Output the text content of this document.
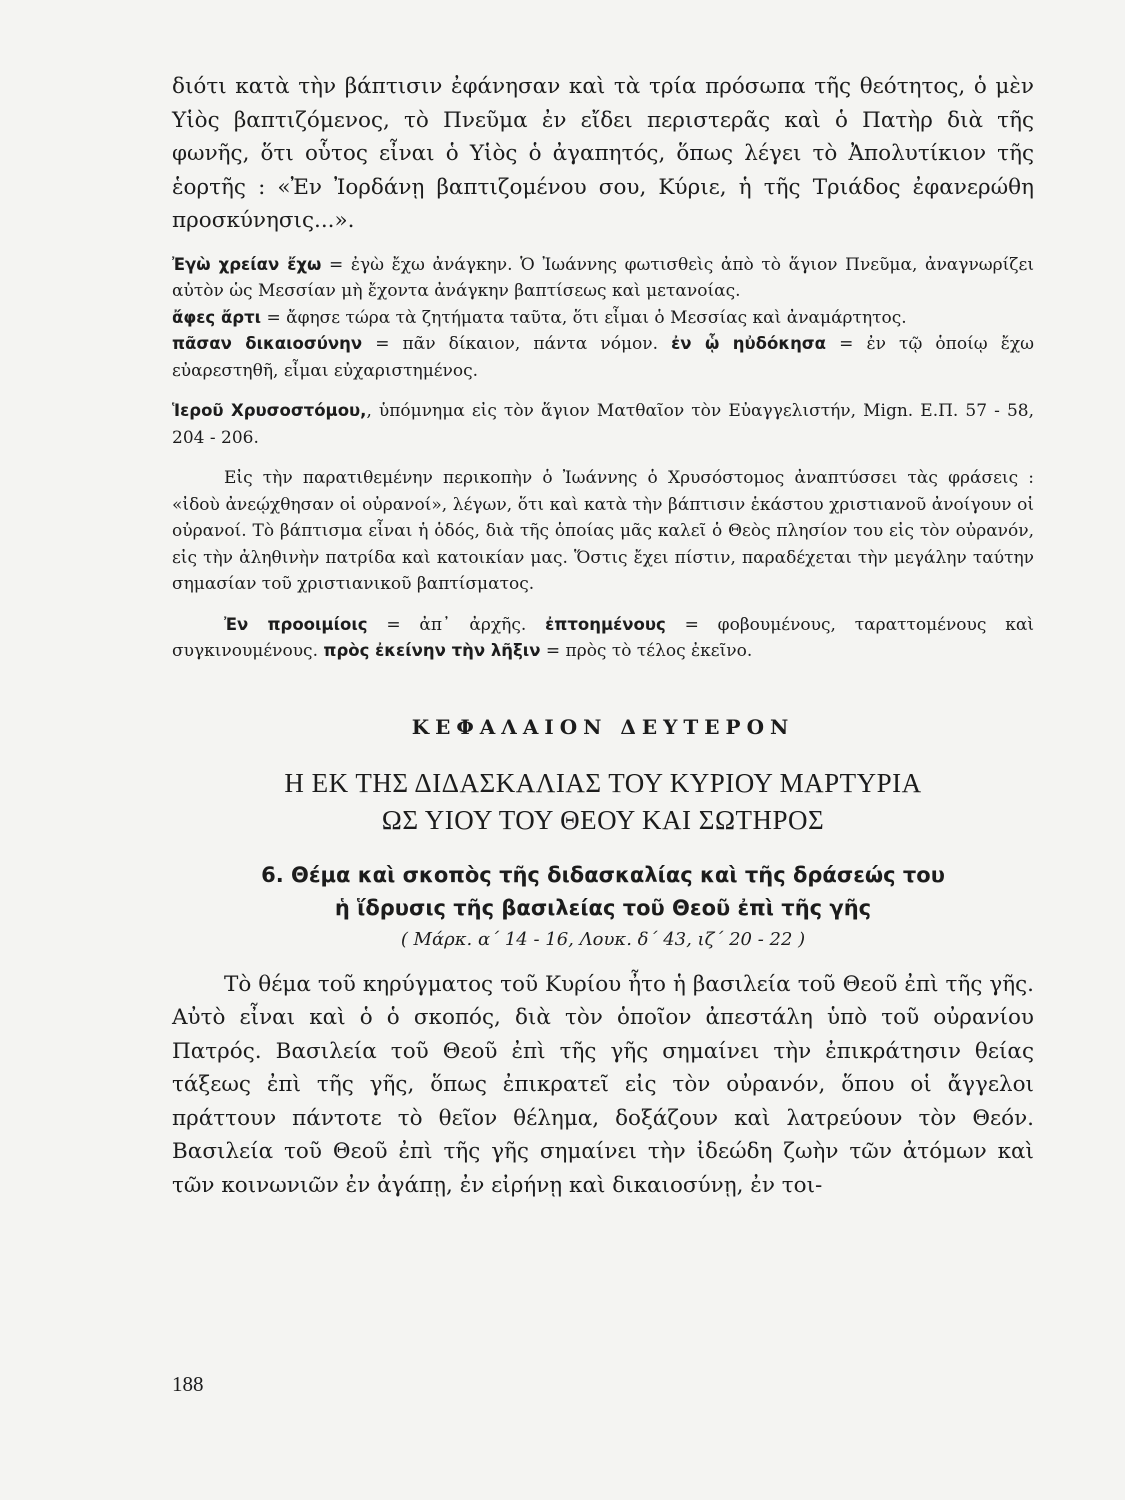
διότι κατὰ τὴν βάπτισιν ἐφάνησαν καὶ τὰ τρία πρόσωπα τῆς θεότητος, ὁ μὲν Υἱὸς βαπτιζόμενος, τὸ Πνεῦμα ἐν εἴδει περιστερᾶς καὶ ὁ Πατὴρ διὰ τῆς φωνῆς, ὅτι οὗτος εἶναι ὁ Υἱὸς ὁ ἀγαπητός, ὅπως λέγει τὸ Ἀπολυτίκιον τῆς ἑορτῆς : «Ἐν Ἰορδάνῃ βαπτιζομένου σου, Κύριε, ἡ τῆς Τριάδος ἐφανερώθη προσκύνησις...».

Ἐγὼ χρείαν ἔχω = ἐγὼ ἔχω ἀνάγκην. Ὁ Ἰωάννης φωτισθεὶς ἀπὸ τὸ ἅγιον Πνεῦμα, ἀναγνωρίζει αὐτὸν ὡς Μεσσίαν μὴ ἔχοντα ἀνάγκην βαπτίσεως καὶ μετανοίας.

ἄφες ἄρτι = ἄφησε τώρα τὰ ζητήματα ταῦτα, ὅτι εἶμαι ὁ Μεσσίας καὶ ἀναμάρτητος.

πᾶσαν δικαιοσύνην = πᾶν δίκαιον, πάντα νόμον. ἐν ᾧ ηὐδόκησα = ἐν τῷ ὁποίῳ ἔχω εὐαρεστηθῆ, εἶμαι εὐχαριστημένος.

Ἱεροῦ Χρυσοστόμου,, ὑπόμνημα εἰς τὸν ἅγιον Ματθαῖον τὸν Εὐαγγελιστήν, Mign. Ε.Π. 57 - 58, 204 - 206.

Εἰς τὴν παρατιθεμένην περικοπὴν ὁ Ἰωάννης ὁ Χρυσόστομος ἀναπτύσσει τὰς φράσεις : «ἰδοὺ ἀνεῴχθησαν οἱ οὐρανοί», λέγων, ὅτι καὶ κατὰ τὴν βάπτισιν ἑκάστου χριστιανοῦ ἀνοίγουν οἱ οὐρανοί. Τὸ βάπτισμα εἶναι ἡ ὁδός, διὰ τῆς ὁποίας μᾶς καλεῖ ὁ Θεὸς πλησίον του εἰς τὸν οὐρανόν, εἰς τὴν ἀληθινὴν πατρίδα καὶ κατοικίαν μας. Ὅστις ἔχει πίστιν, παραδέχεται τὴν μεγάλην ταύτην σημασίαν τοῦ χριστιανικοῦ βαπτίσματος.

Ἐν προοιμίοις = ἀπ᾽ ἀρχῆς. ἐπτοημένους = φοβουμένους, ταραττομένους καὶ συγκινουμένους. πρὸς ἐκείνην τὴν λῆξιν = πρὸς τὸ τέλος ἐκεῖνο.

ΚΕΦΑΛΑΙΟΝ ΔΕΥΤΕΡΟΝ
Η ΕΚ ΤΗΣ ΔΙΔΑΣΚΑΛΙΑΣ ΤΟΥ ΚΥΡΙΟΥ ΜΑΡΤΥΡΙΑ
ΩΣ ΥΙΟΥ ΤΟΥ ΘΕΟΥ ΚΑΙ ΣΩΤΗΡΟΣ
6. Θέμα καὶ σκοπὸς τῆς διδασκαλίας καὶ τῆς δράσεώς του
ἡ ἵδρυσις τῆς βασιλείας τοῦ Θεοῦ ἐπὶ τῆς γῆς
( Μάρκ. α΄ 14 - 16, Λουκ. δ΄ 43, ιζ΄ 20 - 22 )

Τὸ θέμα τοῦ κηρύγματος τοῦ Κυρίου ἦτο ἡ βασιλεία τοῦ Θεοῦ ἐπὶ τῆς γῆς. Αὐτὸ εἶναι καὶ ὁ ὁ σκοπός, διὰ τὸν ὁποῖον ἀπεστάλη ὑπὸ τοῦ οὐρανίου Πατρός. Βασιλεία τοῦ Θεοῦ ἐπὶ τῆς γῆς σημαίνει τὴν ἐπικράτησιν θείας τάξεως ἐπὶ τῆς γῆς, ὅπως ἐπικρατεῖ εἰς τὸν οὐρανόν, ὅπου οἱ ἄγγελοι πράττουν πάντοτε τὸ θεῖον θέλημα, δοξάζουν καὶ λατρεύουν τὸν Θεόν. Βασιλεία τοῦ Θεοῦ ἐπὶ τῆς γῆς σημαίνει τὴν ἰδεώδη ζωὴν τῶν ἀτόμων καὶ τῶν κοινωνιῶν ἐν ἀγάπῃ, ἐν εἰρήνῃ καὶ δικαιοσύνῃ, ἐν τοι-

188
